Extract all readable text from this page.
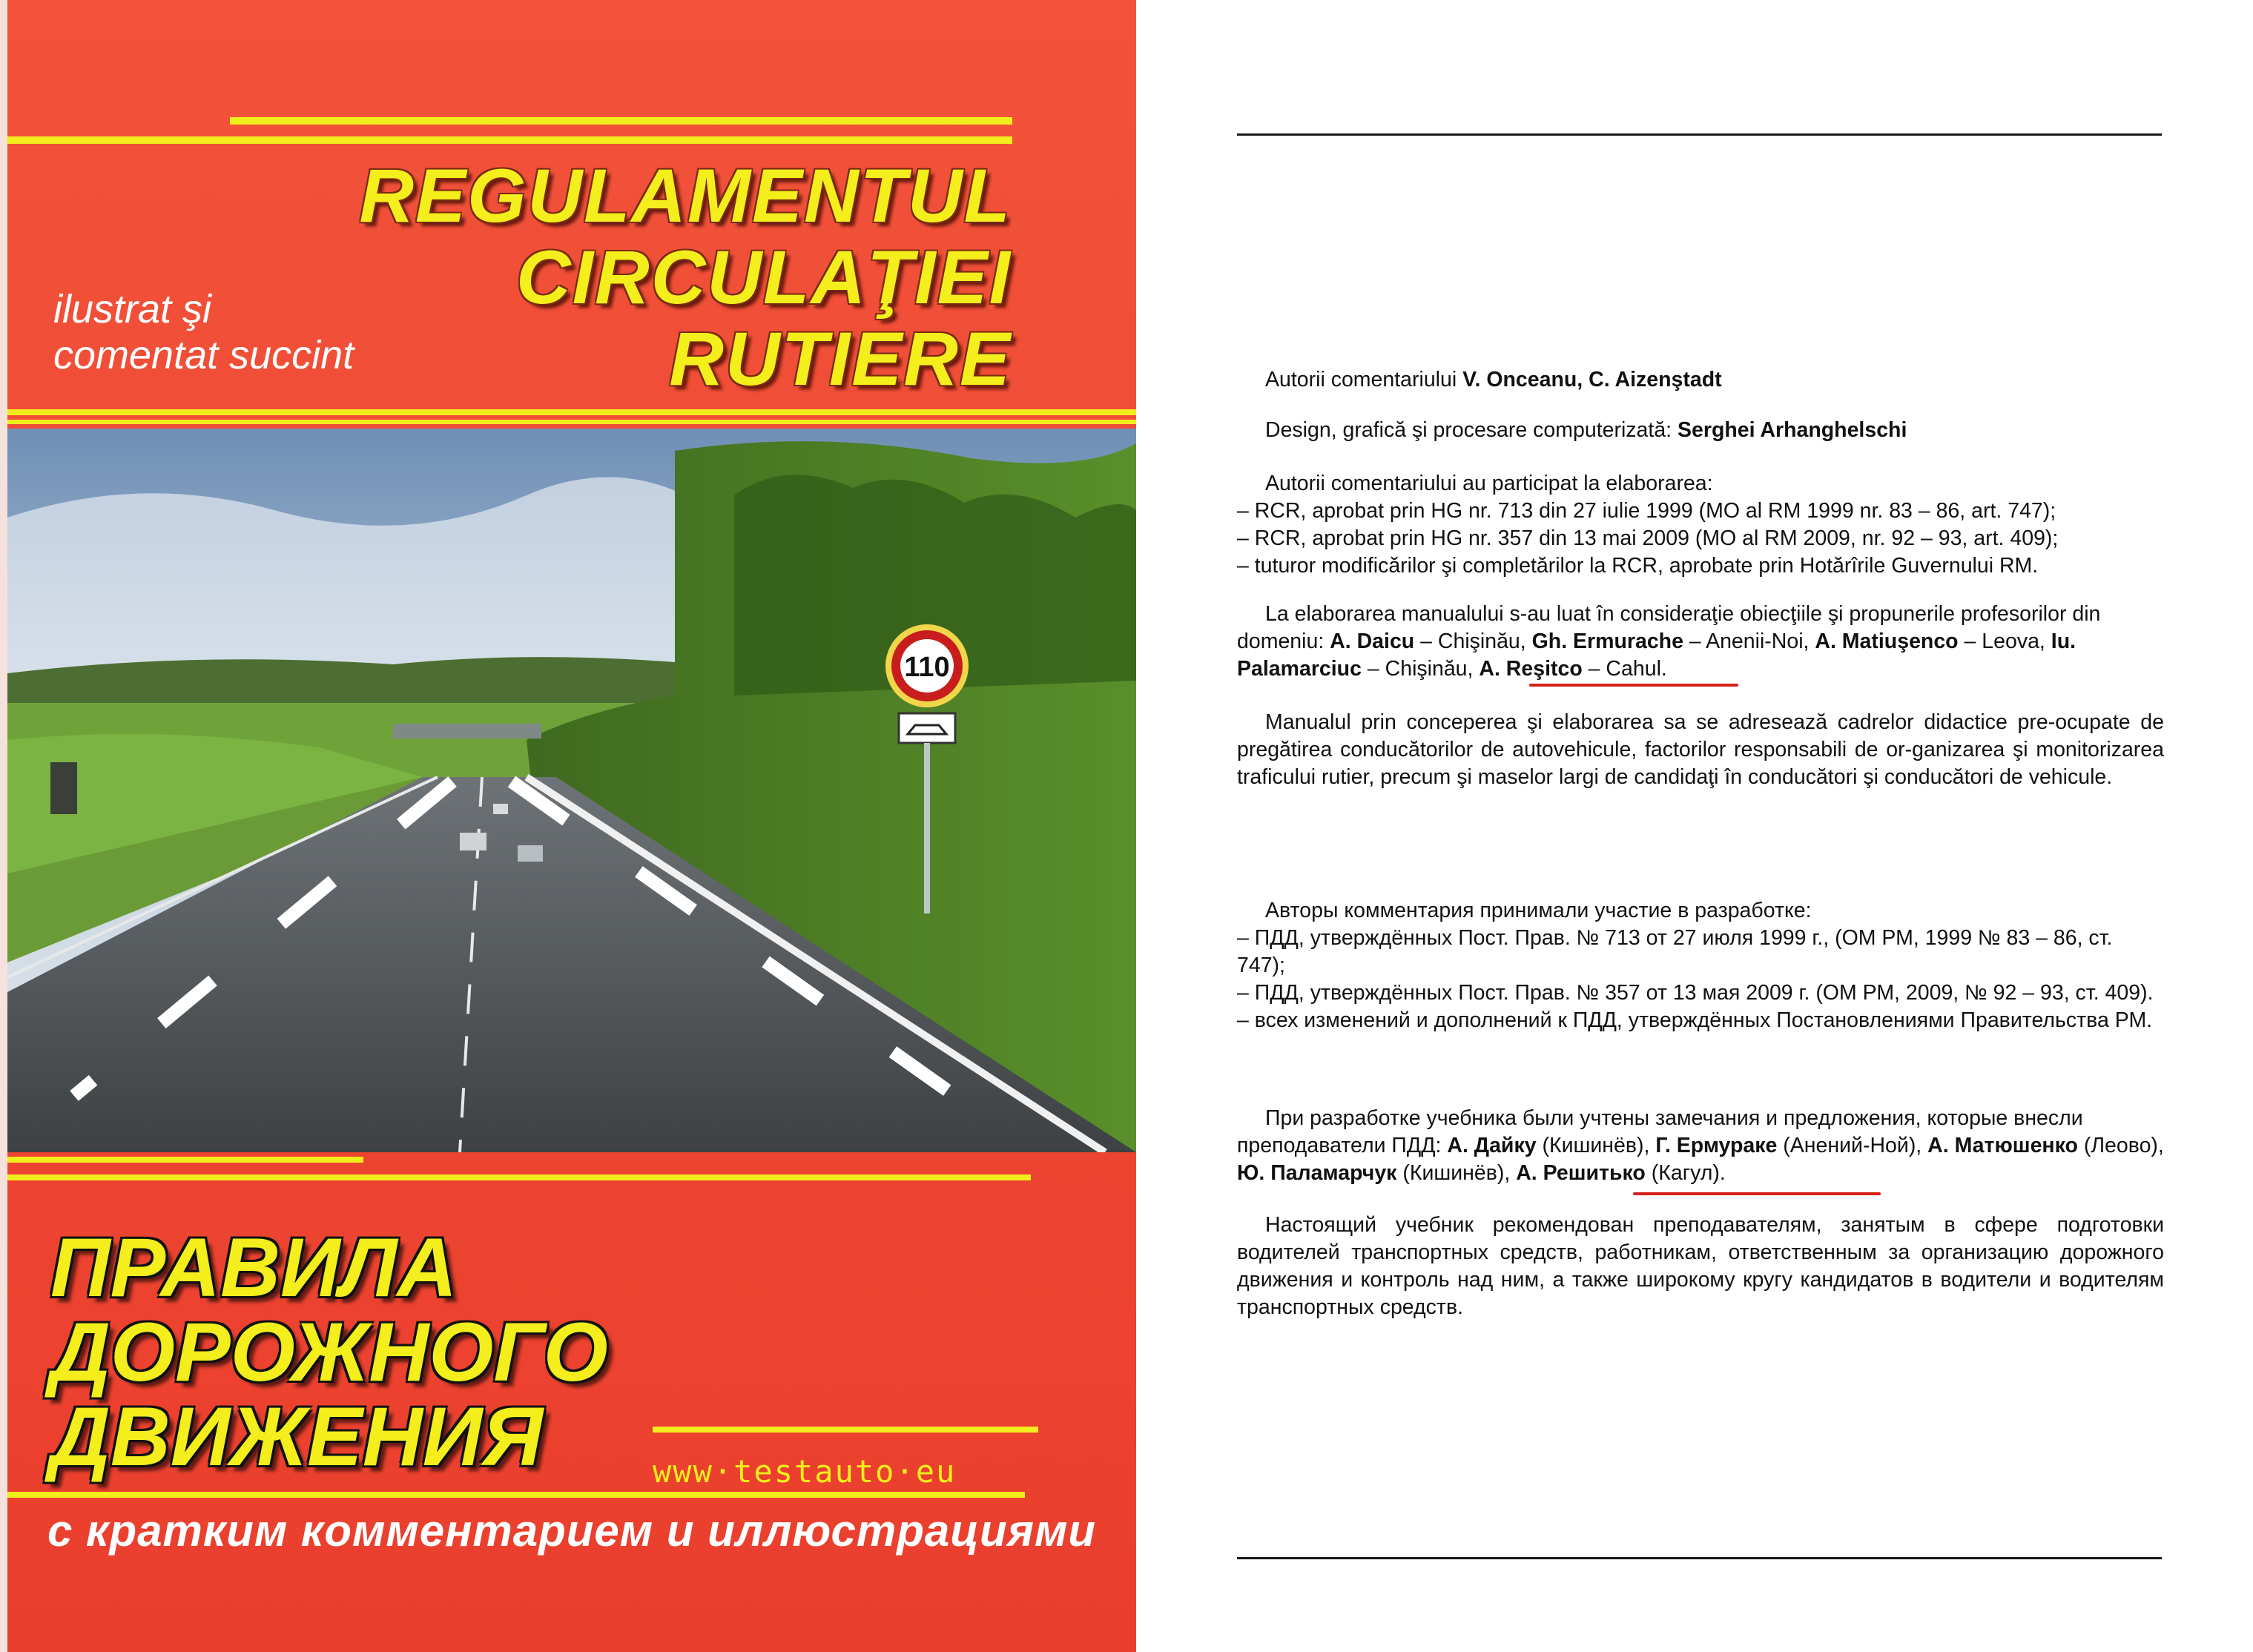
REGULAMENTUL
CIRCULAŢIEI
RUTIERE
ilustrat şi
comentat succint
110
ПРАВИЛА
ДОРОЖНОГО
ДВИЖЕНИЯ	www·testauto·eu
с кратким комментарием и иллюстрациями

Autorii comentariului V. Onceanu, C. Aizenştadt

Design, grafică şi procesare computerizată: Serghei Arhanghelschi

Autorii comentariului au participat la elaborarea:

– RCR, aprobat prin HG nr. 713 din 27 iulie 1999 (MO al RM 1999 nr. 83 – 86, art. 747);

– RCR, aprobat prin HG nr. 357 din 13 mai 2009 (MO al RM 2009, nr. 92 – 93, art. 409);

– tuturor modificărilor şi completărilor la RCR, aprobate prin Hotărîrile Guvernului RM.

La elaborarea manualului s-au luat în consideraţie obiecţiile şi propunerile profesorilor din domeniu: A. Daicu – Chişinău, Gh. Ermurache – Anenii-Noi, A. Matiuşenco – Leova, Iu. Palamarciuc – Chişinău, A. Reşitco – Cahul.

Manualul prin conceperea şi elaborarea sa se adresează cadrelor didactice pre-ocupate de pregătirea conducătorilor de autovehicule, factorilor responsabili de or-ganizarea şi monitorizarea traficului rutier, precum şi maselor largi de candidaţi în conducători şi conducători de vehicule.

Авторы комментария принимали участие в разработке:

– ПДД, утверждённых Пост. Прав. № 713 от 27 июля 1999 г., (ОМ РМ, 1999 № 83 – 86, ст. 747);

– ПДД, утверждённых Пост. Прав. № 357 от 13 мая 2009 г. (ОМ РМ, 2009, № 92 – 93, ст. 409).

– всех изменений и дополнений к ПДД, утверждённых Постановлениями Правительства РМ.

При разработке учебника были учтены замечания и предложения, которые внесли преподаватели ПДД: А. Дайку (Кишинёв), Г. Ермураке (Анений-Ной), А. Матюшенко (Леово), Ю. Паламарчук (Кишинёв), А. Решитько (Кагул).

Настоящий учебник рекомендован преподавателям, занятым в сфере подготовки водителей транспортных средств, работникам, ответственным за организацию дорожного движения и контроль над ним, а также широкому кругу кандидатов в водители и водителям транспортных средств.
